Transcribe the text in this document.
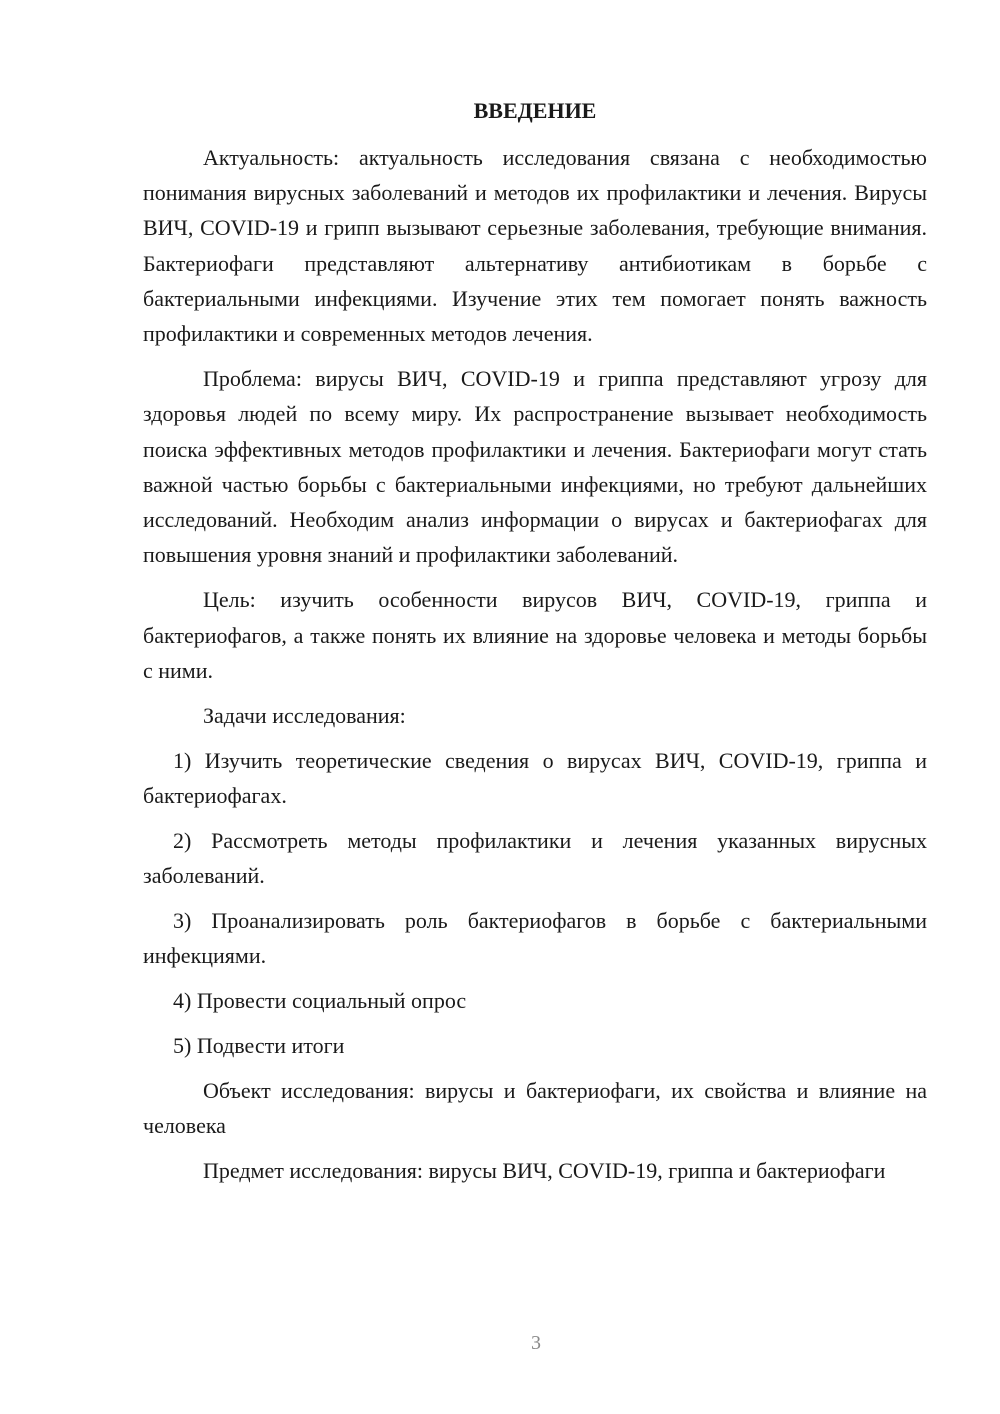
ВВЕДЕНИЕ

Актуальность: актуальность исследования связана с необходимостью понимания вирусных заболеваний и методов их профилактики и лечения. Вирусы ВИЧ, COVID-19 и грипп вызывают серьезные заболевания, требующие внимания. Бактериофаги представляют альтернативу антибиотикам в борьбе с бактериальными инфекциями. Изучение этих тем помогает понять важность профилактики и современных методов лечения.

Проблема: вирусы ВИЧ, COVID-19 и гриппа представляют угрозу для здоровья людей по всему миру. Их распространение вызывает необходимость поиска эффективных методов профилактики и лечения. Бактериофаги могут стать важной частью борьбы с бактериальными инфекциями, но требуют дальнейших исследований. Необходим анализ информации о вирусах и бактериофагах для повышения уровня знаний и профилактики заболеваний.

Цель: изучить особенности вирусов ВИЧ, COVID-19, гриппа и бактериофагов, а также понять их влияние на здоровье человека и методы борьбы с ними.

Задачи исследования:

1) Изучить теоретические сведения о вирусах ВИЧ, COVID-19, гриппа и бактериофагах.

2) Рассмотреть методы профилактики и лечения указанных вирусных заболеваний.

3) Проанализировать роль бактериофагов в борьбе с бактериальными инфекциями.

4) Провести социальный опрос

5) Подвести итоги

Объект исследования: вирусы и бактериофаги, их свойства и влияние на человека

Предмет исследования: вирусы ВИЧ, COVID-19, гриппа и бактериофаги

3
